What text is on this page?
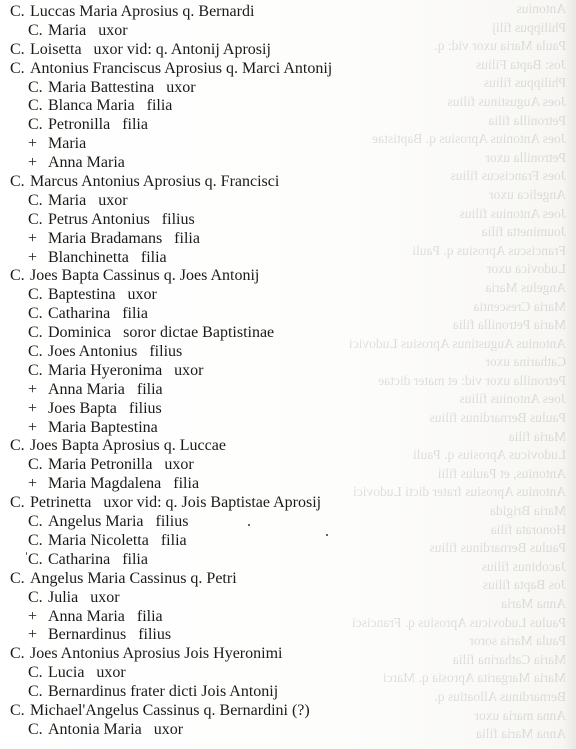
Antonius
Philippus filij
Paula Maria uxor vid: q.
Jos: Bapta Filius
Philippus filius
Joes Augustinus filius
Petronilla filia
Joes Antonius Aprosius q. Baptistae
Petronilla uxor
Joes Franciscus filius
Angelica uxor
Joes Antonius filius
Jouminetta filia
Franciscus Aprosius q. Pauli
Ludovica uxor
Angelus Maria
Maria Crescentia
Maria Petronilla filia
Antonius Augustinus Aprosius Ludovici
Catharina uxor
Petronilla uxor vid: et mater dictae
Joes Antonius filius
Paulus Bernardinus filius
Maria filia
Ludovicus Aprosius q. Pauli
Antonius, et Paulus filii
Antonius Aprosius frater dicti Ludovici
Maria Brigida
Honorata filia
Paulus Bernardinus filius
Jacobinus filius
Jos Bapta filius
Anna Maria
Paulus Ludovicus Aprosius q. Francisci
Paula Maria soror
Maria Catharina filia
Maria Margarita Aprosia q. Marci
Bernardinus Alloatius q.
Anna maria uxor
Anna Maria filia
C. Luccas Maria Aprosius q. Bernardi
C. Maria   uxor
C. Loisetta   uxor vid: q. Antonij Aprosij
C. Antonius Franciscus Aprosius q. Marci Antonij
C. Maria Battestina   uxor
C. Blanca Maria   filia
C. Petronilla   filia
+ Maria
+ Anna Maria
C. Marcus Antonius Aprosius q. Francisci
C. Maria   uxor
C. Petrus Antonius   filius
+ Maria Bradamans   filia
+ Blanchinetta   filia
C. Joes Bapta Cassinus q. Joes Antonij
C. Baptestina   uxor
C. Catharina   filia
C. Dominica   soror dictae Baptistinae
C. Joes Antonius   filius
C. Maria Hyeronima   uxor
+ Anna Maria   filia
+ Joes Bapta   filius
+ Maria Baptestina
C. Joes Bapta Aprosius q. Luccae
C. Maria Petronilla   uxor
+ Maria Magdalena   filia
C. Petrinetta   uxor vid: q. Jois Baptistae Aprosij
C. Angelus Maria   filius
C. Maria Nicoletta   filia
C. Catharina   filia
C. Angelus Maria Cassinus q. Petri
C. Julia   uxor
+ Anna Maria   filia
+ Bernardinus   filius
C. Joes Antonius Aprosius Jois Hyeronimi
C. Lucia   uxor
C. Bernardinus frater dicti Jois Antonij
C. Michael'Angelus Cassinus q. Bernardini (?)
C. Antonia Maria   uxor
